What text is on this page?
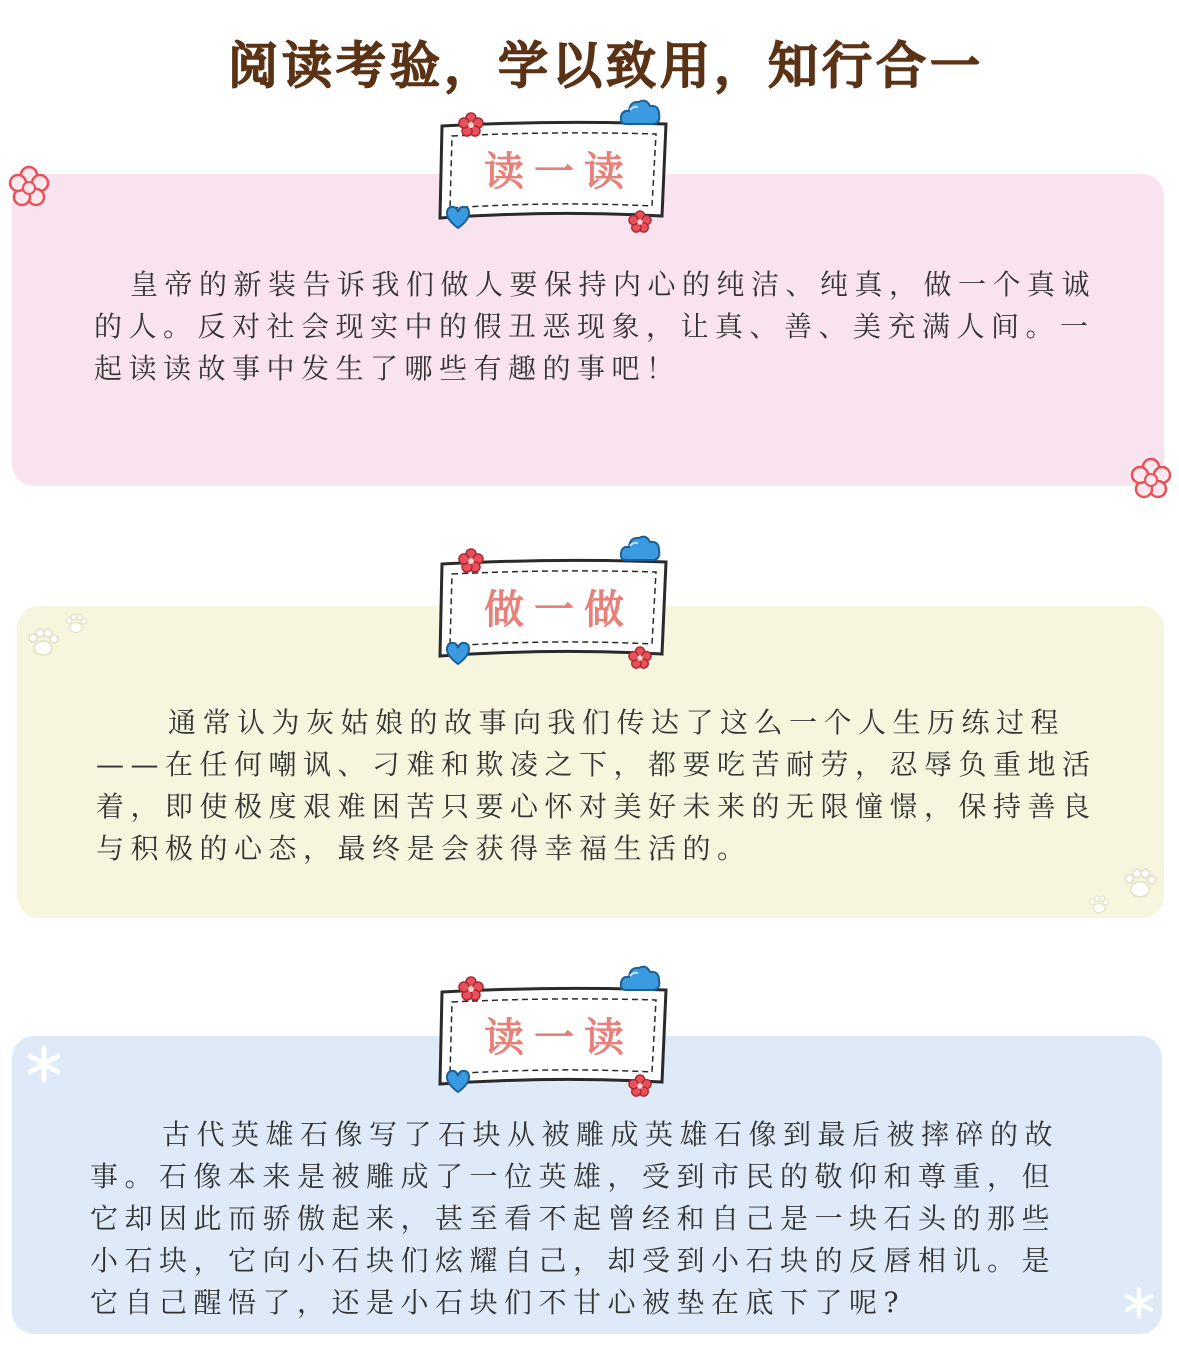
阅读考验，学以致用，知行合一
读一读

皇帝的新装告诉我们做人要保持内心的纯洁、纯真，做一个真诚的人。反对社会现实中的假丑恶现象，让真、善、美充满人间。一起读读故事中发生了哪些有趣的事吧！

做一做

通常认为灰姑娘的故事向我们传达了这么一个人生历练过程——在任何嘲讽、刁难和欺凌之下，都要吃苦耐劳，忍辱负重地活着，即使极度艰难困苦只要心怀对美好未来的无限憧憬，保持善良与积极的心态，最终是会获得幸福生活的。

读一读

古代英雄石像写了石块从被雕成英雄石像到最后被摔碎的故事。石像本来是被雕成了一位英雄，受到市民的敬仰和尊重，但它却因此而骄傲起来，甚至看不起曾经和自己是一块石头的那些小石块，它向小石块们炫耀自己，却受到小石块的反唇相讥。是它自己醒悟了，还是小石块们不甘心被垫在底下了呢?
